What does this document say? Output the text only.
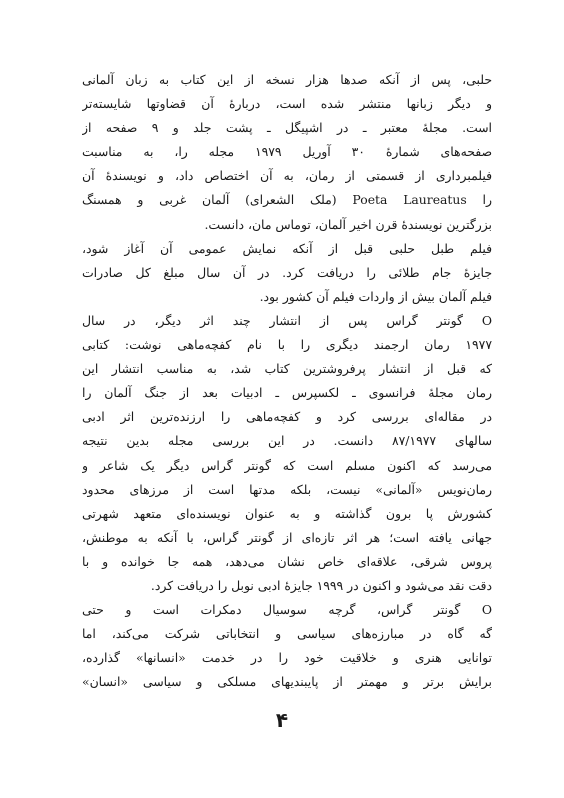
حلبی، پس از آنکه صدها هزار نسخه از این کتاب به زبان آلمانی
و دیگر زبانها منتشر شده است، دربارهٔ آن قضاوتها شایسته‌تر
است. مجلهٔ معتبر ـ در اشپیگل ـ پشت جلد و ۹ صفحه از
صفحه‌های شمارهٔ ۳۰ آوریل ۱۹۷۹ مجله را، به مناسبت
فیلمبرداری از قسمتی از رمان، به آن اختصاص داد، و نویسندهٔ آن
را Poeta Laureatus (ملک الشعرای) آلمان غربی و همسنگ
بزرگترین نویسندهٔ قرن اخیر آلمان، توماس مان، دانست.
فیلم طبل حلبی قبل از آنکه نمایش عمومی آن آغاز شود،
جایزهٔ جام طلائی را دریافت کرد. در آن سال مبلغ کل صادرات
فیلم آلمان بیش از واردات فیلم آن کشور بود.
O گونتر گراس پس از انتشار چند اثر دیگر، در سال
۱۹۷۷ رمان ارجمند دیگری را با نام کفچه‌ماهی نوشت: کتابی
که قبل از انتشار پرفروشترین کتاب شد، به مناسب انتشار این
رمان مجلهٔ فرانسوی ـ لکسپرس ـ ادبیات بعد از جنگ آلمان را
در مقاله‌ای بررسی کرد و کفچه‌ماهی را ارزنده‌ترین اثر ادبی
سالهای ۸۷/۱۹۷۷ دانست. در این بررسی مجله بدین نتیجه
می‌رسد که اکنون مسلم است که گونتر گراس دیگر یک شاعر و
رمان‌نویس «آلمانی» نیست، بلکه مدتها است از مرزهای محدود
کشورش پا برون گذاشته و به عنوان نویسنده‌ای متعهد شهرتی
جهانی یافته است؛ هر اثر تازه‌ای از گونتر گراس، با آنکه به موطنش،
پروس شرقی، علاقه‌ای خاص نشان می‌دهد، همه جا خوانده و با
دقت نقد می‌شود و اکنون در ۱۹۹۹ جایزهٔ ادبی نوبل را دریافت کرد.
O گونتر گراس، گرچه سوسیال دمکرات است و حتی
گه گاه در مبارزه‌های سیاسی و انتخاباتی شرکت می‌کند، اما
توانایی هنری و خلاقیت خود را در خدمت «انسانها» گذارده،
برایش برتر و مهمتر از پایبندیهای مسلکی و سیاسی «انسان»
۴
